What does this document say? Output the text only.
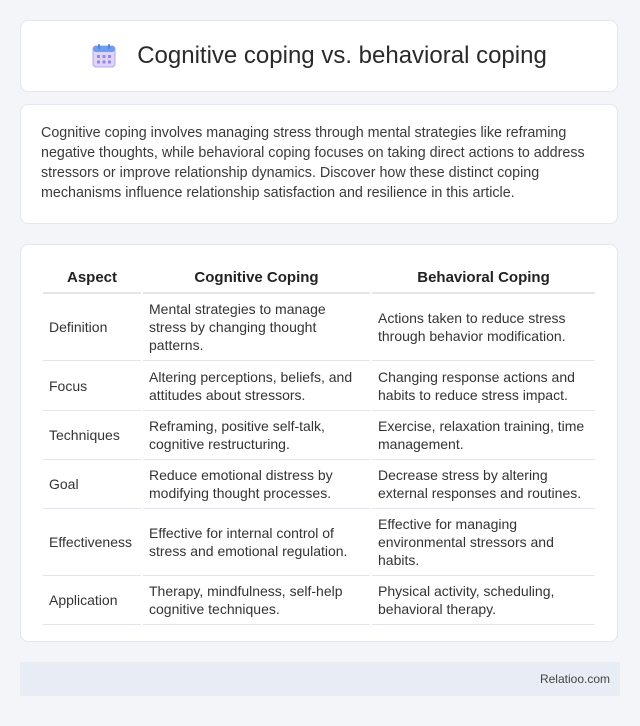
Cognitive coping vs. behavioral coping

Cognitive coping involves managing stress through mental strategies like reframing negative thoughts, while behavioral coping focuses on taking direct actions to address stressors or improve relationship dynamics. Discover how these distinct coping mechanisms influence relationship satisfaction and resilience in this article.

Aspect	Cognitive Coping	Behavioral Coping
Definition	Mental strategies to manage stress by changing thought patterns.	Actions taken to reduce stress through behavior modification.
Focus	Altering perceptions, beliefs, and attitudes about stressors.	Changing response actions and habits to reduce stress impact.
Techniques	Reframing, positive self-talk, cognitive restructuring.	Exercise, relaxation training, time management.
Goal	Reduce emotional distress by modifying thought processes.	Decrease stress by altering external responses and routines.
Effectiveness	Effective for internal control of stress and emotional regulation.	Effective for managing environmental stressors and habits.
Application	Therapy, mindfulness, self-help cognitive techniques.	Physical activity, scheduling, behavioral therapy.
Relatioo.com
